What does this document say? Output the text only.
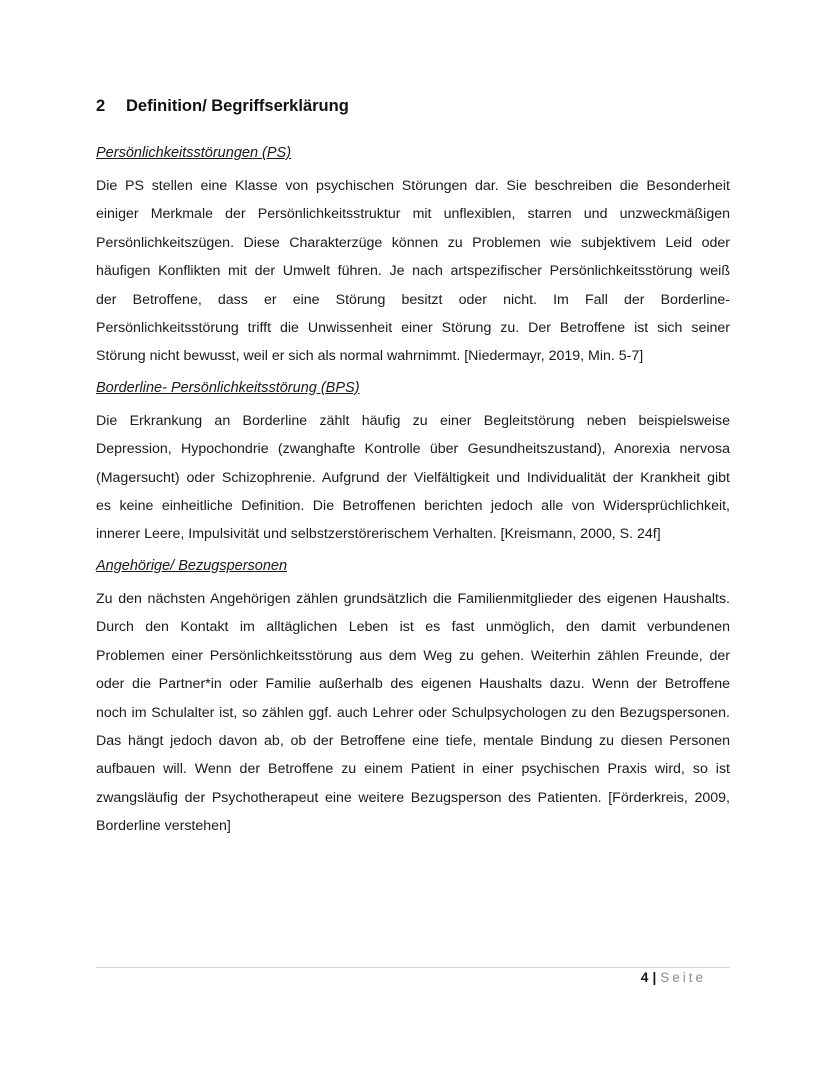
2 Definition/ Begriffserklärung
Persönlichkeitsstörungen (PS)
Die PS stellen eine Klasse von psychischen Störungen dar. Sie beschreiben die Besonderheit
einiger Merkmale der Persönlichkeitsstruktur mit unflexiblen, starren und unzweckmäßigen
Persönlichkeitszügen. Diese Charakterzüge können zu Problemen wie subjektivem Leid oder
häufigen Konflikten mit der Umwelt führen. Je nach artspezifischer Persönlichkeitsstörung weiß
der Betroffene, dass er eine Störung besitzt oder nicht. Im Fall der Borderline-
Persönlichkeitsstörung trifft die Unwissenheit einer Störung zu. Der Betroffene ist sich seiner
Störung nicht bewusst, weil er sich als normal wahrnimmt. [Niedermayr, 2019, Min. 5-7]
Borderline- Persönlichkeitsstörung (BPS)
Die Erkrankung an Borderline zählt häufig zu einer Begleitstörung neben beispielsweise
Depression, Hypochondrie (zwanghafte Kontrolle über Gesundheitszustand), Anorexia nervosa
(Magersucht) oder Schizophrenie. Aufgrund der Vielfältigkeit und Individualität der Krankheit gibt
es keine einheitliche Definition. Die Betroffenen berichten jedoch alle von Widersprüchlichkeit,
innerer Leere, Impulsivität und selbstzerstörerischem Verhalten. [Kreismann, 2000, S. 24f]
Angehörige/ Bezugspersonen
Zu den nächsten Angehörigen zählen grundsätzlich die Familienmitglieder des eigenen Haushalts.
Durch den Kontakt im alltäglichen Leben ist es fast unmöglich, den damit verbundenen
Problemen einer Persönlichkeitsstörung aus dem Weg zu gehen. Weiterhin zählen Freunde, der
oder die Partner*in oder Familie außerhalb des eigenen Haushalts dazu. Wenn der Betroffene
noch im Schulalter ist, so zählen ggf. auch Lehrer oder Schulpsychologen zu den Bezugspersonen.
Das hängt jedoch davon ab, ob der Betroffene eine tiefe, mentale Bindung zu diesen Personen
aufbauen will. Wenn der Betroffene zu einem Patient in einer psychischen Praxis wird, so ist
zwangsläufig der Psychotherapeut eine weitere Bezugsperson des Patienten. [Förderkreis, 2009,
Borderline verstehen]
4 | Seite
